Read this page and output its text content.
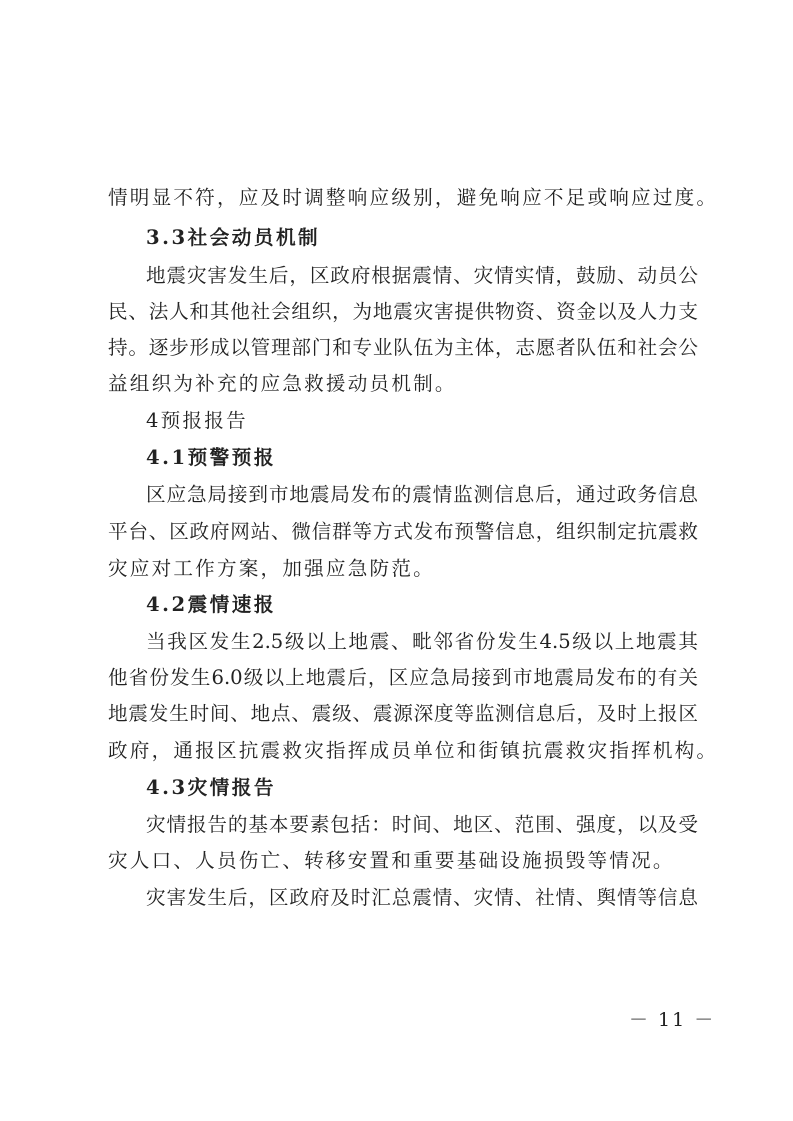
情明显不符，应及时调整响应级别，避免响应不足或响应过度。
3.3社会动员机制
地震灾害发生后，区政府根据震情、灾情实情，鼓励、动员公
民、法人和其他社会组织，为地震灾害提供物资、资金以及人力支
持。逐步形成以管理部门和专业队伍为主体，志愿者队伍和社会公
益组织为补充的应急救援动员机制。
4预报报告
4.1预警预报
区应急局接到市地震局发布的震情监测信息后，通过政务信息
平台、区政府网站、微信群等方式发布预警信息，组织制定抗震救
灾应对工作方案，加强应急防范。
4.2震情速报
当我区发生2.5级以上地震、毗邻省份发生4.5级以上地震其
他省份发生6.0级以上地震后，区应急局接到市地震局发布的有关
地震发生时间、地点、震级、震源深度等监测信息后，及时上报区
政府，通报区抗震救灾指挥成员单位和街镇抗震救灾指挥机构。
4.3灾情报告
灾情报告的基本要素包括：时间、地区、范围、强度，以及受
灾人口、人员伤亡、转移安置和重要基础设施损毁等情况。
灾害发生后，区政府及时汇总震情、灾情、社情、舆情等信息
－ 11 －
